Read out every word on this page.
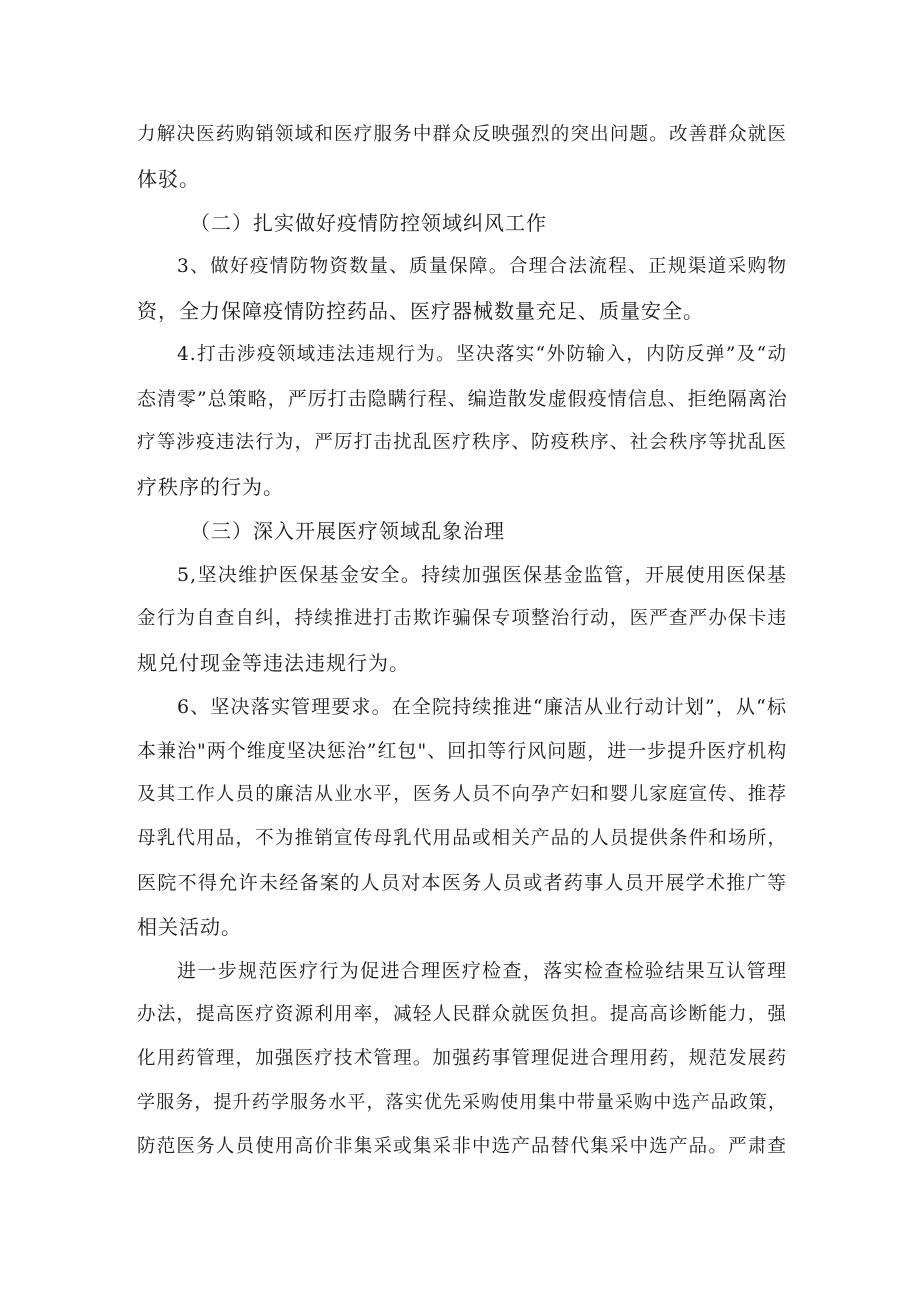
力解决医药购销领域和医疗服务中群众反映强烈的突出问题。改善群众就医
体驳。
（二）扎实做好疫情防控领域纠风工作
3、做好疫情防物资数量、质量保障。合理合法流程、正规渠道采购物
资，全力保障疫情防控药品、医疗器械数量充足、质量安全。
4.打击涉疫领域违法违规行为。坚决落实“外防输入，内防反弹”及“动
态清零”总策略，严厉打击隐瞒行程、编造散发虚假疫情信息、拒绝隔离治
疗等涉疫违法行为，严厉打击扰乱医疗秩序、防疫秩序、社会秩序等扰乱医
疗秩序的行为。
（三）深入开展医疗领域乱象治理
5,坚决维护医保基金安全。持续加强医保基金监管，开展使用医保基
金行为自查自纠，持续推进打击欺诈骗保专项整治行动，医严查严办保卡违
规兑付现金等违法违规行为。
6、坚决落实管理要求。在全院持续推进“廉洁从业行动计划”，从“标
本兼治"两个维度坚决惩治”红包"、回扣等行风问题，进一步提升医疗机构
及其工作人员的廉洁从业水平，医务人员不向孕产妇和婴儿家庭宣传、推荐
母乳代用品，不为推销宣传母乳代用品或相关产品的人员提供条件和场所，
医院不得允许未经备案的人员对本医务人员或者药事人员开展学术推广等
相关活动。
进一步规范医疗行为促进合理医疗检查，落实检查检验结果互认管理
办法，提高医疗资源利用率，减轻人民群众就医负担。提高高诊断能力，强
化用药管理，加强医疗技术管理。加强药事管理促进合理用药，规范发展药
学服务，提升药学服务水平，落实优先采购使用集中带量采购中选产品政策，
防范医务人员使用高价非集采或集采非中选产品替代集采中选产品。严肃查
